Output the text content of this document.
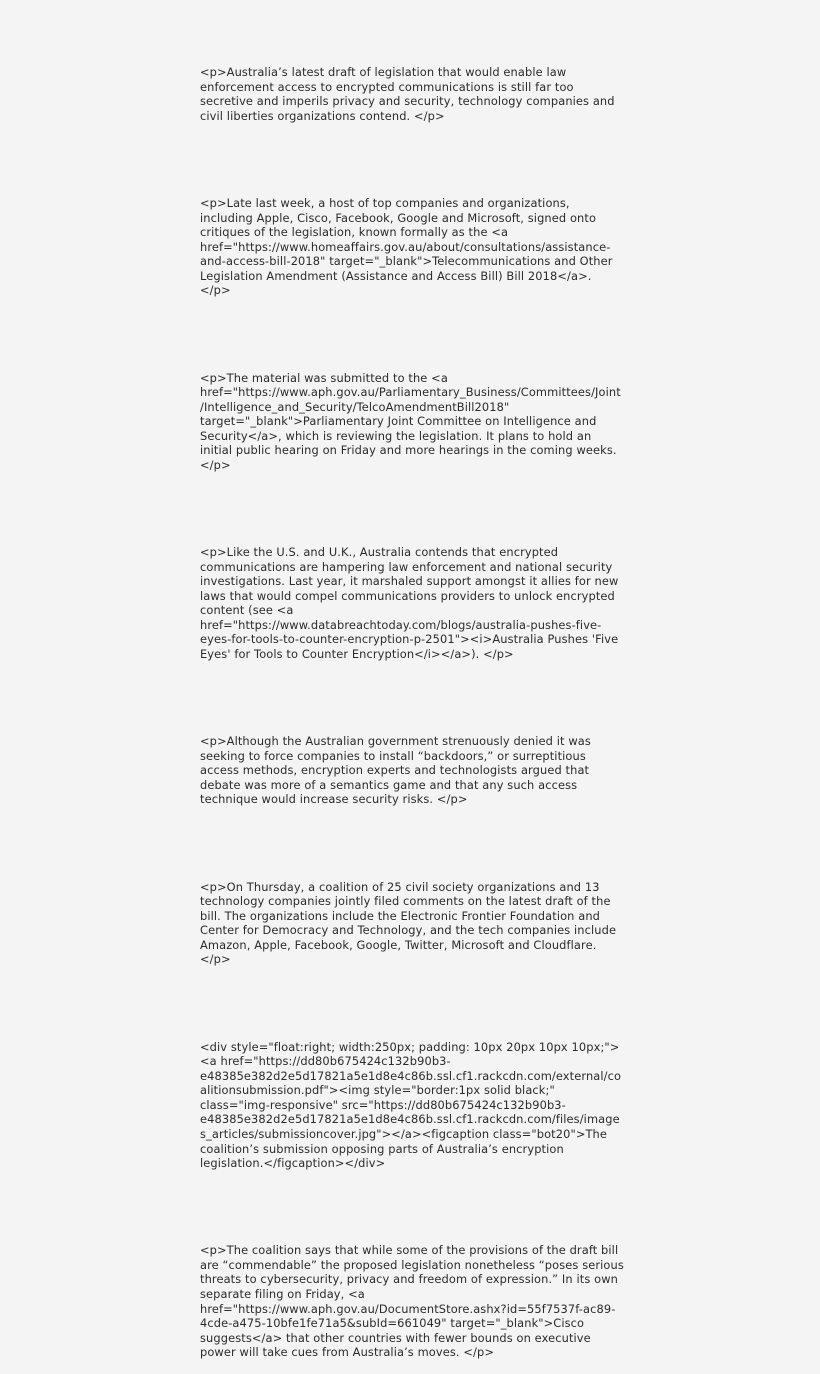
<p>Australia’s latest draft of legislation that would enable law enforcement access to encrypted communications is still far too secretive and imperils privacy and security, technology companies and civil liberties organizations contend. </p>

<p>Late last week, a host of top companies and organizations, including Apple, Cisco, Facebook, Google and Microsoft, signed onto critiques of the legislation, known formally as the <a href="https://www.homeaffairs.gov.au/about/consultations/assistance-and-access-bill-2018" target="_blank">Telecommunications and Other Legislation Amendment (Assistance and Access Bill) Bill 2018</a>. </p>

<p>The material was submitted to the <a href="https://www.aph.gov.au/Parliamentary_Business/Committees/Joint/Intelligence_and_Security/TelcoAmendmentBill2018" target="_blank">Parliamentary Joint Committee on Intelligence and Security</a>, which is reviewing the legislation. It plans to hold an initial public hearing on Friday and more hearings in the coming weeks. </p>

<p>Like the U.S. and U.K., Australia contends that encrypted communications are hampering law enforcement and national security investigations. Last year, it marshaled support amongst it allies for new laws that would compel communications providers to unlock encrypted content (see <a href="https://www.databreachtoday.com/blogs/australia-pushes-five-eyes-for-tools-to-counter-encryption-p-2501"><i>Australia Pushes 'Five Eyes' for Tools to Counter Encryption</i></a>). </p>

<p>Although the Australian government strenuously denied it was seeking to force companies to install “backdoors,” or surreptitious access methods, encryption experts and technologists argued that debate was more of a semantics game and that any such access technique would increase security risks. </p>

<p>On Thursday, a coalition of 25 civil society organizations and 13 technology companies jointly filed comments on the latest draft of the bill. The organizations include the Electronic Frontier Foundation and Center for Democracy and Technology, and the tech companies include Amazon, Apple, Facebook, Google, Twitter, Microsoft and Cloudflare. </p>

<div style="float:right; width:250px; padding: 10px 20px 10px 10px;"><a href="https://dd80b675424c132b90b3-e48385e382d2e5d17821a5e1d8e4c86b.ssl.cf1.rackcdn.com/external/coalitionsubmission.pdf"><img style="border:1px solid black;" class="img-responsive" src="https://dd80b675424c132b90b3-e48385e382d2e5d17821a5e1d8e4c86b.ssl.cf1.rackcdn.com/files/images_articles/submissioncover.jpg"></a><figcaption class="bot20">The coalition’s submission opposing parts of Australia’s encryption legislation.</figcaption></div>

<p>The coalition says that while some of the provisions of the draft bill are “commendable” the proposed legislation nonetheless “poses serious threats to cybersecurity, privacy and freedom of expression.” In its own separate filing on Friday, <a href="https://www.aph.gov.au/DocumentStore.ashx?id=55f7537f-ac89-4cde-a475-10bfe1fe71a5&subId=661049" target="_blank">Cisco suggests</a> that other countries with fewer bounds on executive power will take cues from Australia’s moves. </p>
